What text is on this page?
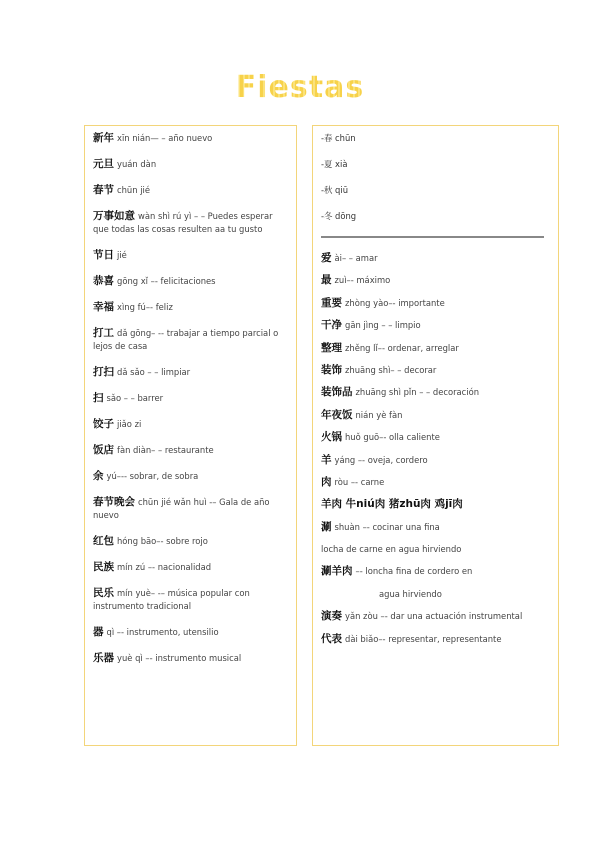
Fiestas
新年 xīn nián— – año nuevo
元旦 yuán dàn
春节 chūn jié
万事如意 wàn shì rú yì – – Puedes esperar que todas las cosas resulten aa tu gusto
节日 jié
恭喜 gōng xǐ –- felicitaciones
幸福 xìng fú–- feliz
打工 dǎ gōng– -- trabajar a tiempo parcial o lejos de casa
打扫 dǎ sǎo – – limpiar
扫 sǎo – – barrer
饺子 jiǎo zi
饭店 fàn diàn– – restaurante
余 yú–-- sobrar, de sobra
春节晚会 chūn jié wǎn huì -– Gala de año nuevo
红包 hóng bāo–- sobre rojo
民族 mín zú –- nacionalidad
民乐 mín yuè– -– música popular con instrumento tradicional
器 qì –- instrumento, utensilio
乐器 yuè qì –- instrumento musical
-春 chūn
-夏 xià
-秋 qiū
-冬 dōng
爱 ài– – amar
最 zuì–- máximo
重要 zhòng yào–- importante
干净 gān jìng – – limpio
整理 zhěng lǐ–- ordenar, arreglar
装饰 zhuāng shì– – decorar
装饰品 zhuāng shì pǐn – – decoración
年夜饭 nián yè fàn
火锅 huǒ guō–- olla caliente
羊 yáng –- oveja, cordero
肉 ròu –- carne
羊肉 牛niú肉 猪zhū肉 鸡jī肉
涮 shuàn –- cocinar una fina
locha de carne en agua hirviendo
涮羊肉 –- loncha fina de cordero en
agua hirviendo
演奏 yǎn zòu –- dar una actuación instrumental
代表 dài biǎo–- representar, representante
